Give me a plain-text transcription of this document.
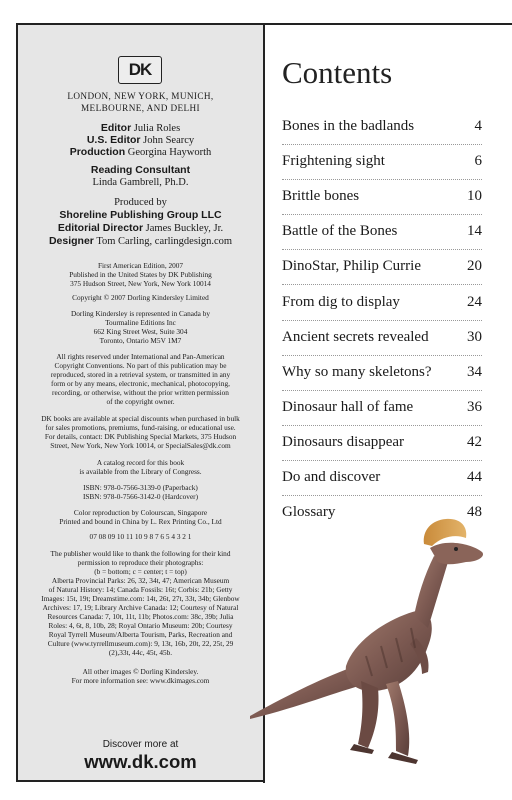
DK
LONDON, NEW YORK, MUNICH,
MELBOURNE, AND DELHI
Editor Julia Roles
U.S. Editor John Searcy
Production Georgina Hayworth
Reading Consultant
Linda Gambrell, Ph.D.
Produced by
Shoreline Publishing Group LLC
Editorial Director James Buckley, Jr.
Designer Tom Carling, carlingdesign.com
First American Edition, 2007
Published in the United States by DK Publishing
375 Hudson Street, New York, New York 10014
Copyright © 2007 Dorling Kindersley Limited
Dorling Kindersley is represented in Canada by
Tourmaline Editions Inc
662 King Street West, Suite 304
Toronto, Ontario M5V 1M7
All rights reserved under International and Pan-American
Copyright Conventions. No part of this publication may be
reproduced, stored in a retrieval system, or transmitted in any
form or by any means, electronic, mechanical, photocopying,
recording, or otherwise, without the prior written permission
of the copyright owner.
DK books are available at special discounts when purchased in bulk
for sales promotions, premiums, fund-raising, or educational use.
For details, contact: DK Publishing Special Markets, 375 Hudson
Street, New York, New York 10014, or SpecialSales@dk.com
A catalog record for this book
is available from the Library of Congress.
ISBN: 978-0-7566-3139-0 (Paperback)
ISBN: 978-0-7566-3142-0 (Hardcover)
Color reproduction by Colourscan, Singapore
Printed and bound in China by L. Rex Printing Co., Ltd
07 08 09 10 11 10 9 8 7 6 5 4 3 2 1
The publisher would like to thank the following for their kind
permission to reproduce their photographs:
(b = bottom; c = center; t = top)
Alberta Provincial Parks: 26, 32, 34t, 47; American Museum
of Natural History: 14; Canada Fossils: 16t; Corbis: 21b; Getty
Images: 15t, 19t; Dreamstime.com: 14t, 26t, 27t, 33t, 34b; Glenbow
Archives: 17, 19; Library Archive Canada: 12; Courtesy of Natural
Resources Canada: 7, 10t, 11t, 11b; Photos.com: 38c, 39b; Julia
Roles: 4, 6t, 8, 10b, 28; Royal Ontario Museum: 20b; Courtesy
Royal Tyrrell Museum/Alberta Tourism, Parks, Recreation and
Culture (www.tyrrellmuseum.com): 9, 13t, 16b, 20t, 22, 25t, 29
(2),33t, 44c, 45t, 45b.
All other images © Dorling Kindersley.
For more information see: www.dkimages.com
Discover more at
www.dk.com
Contents
Bones in the badlands	4
Frightening sight	6
Brittle bones	10
Battle of the Bones	14
DinoStar, Philip Currie	20
From dig to display	24
Ancient secrets revealed	30
Why so many skeletons? 34
Dinosaur hall of fame	36
Dinosaurs disappear	42
Do and discover	44
Glossary	48
